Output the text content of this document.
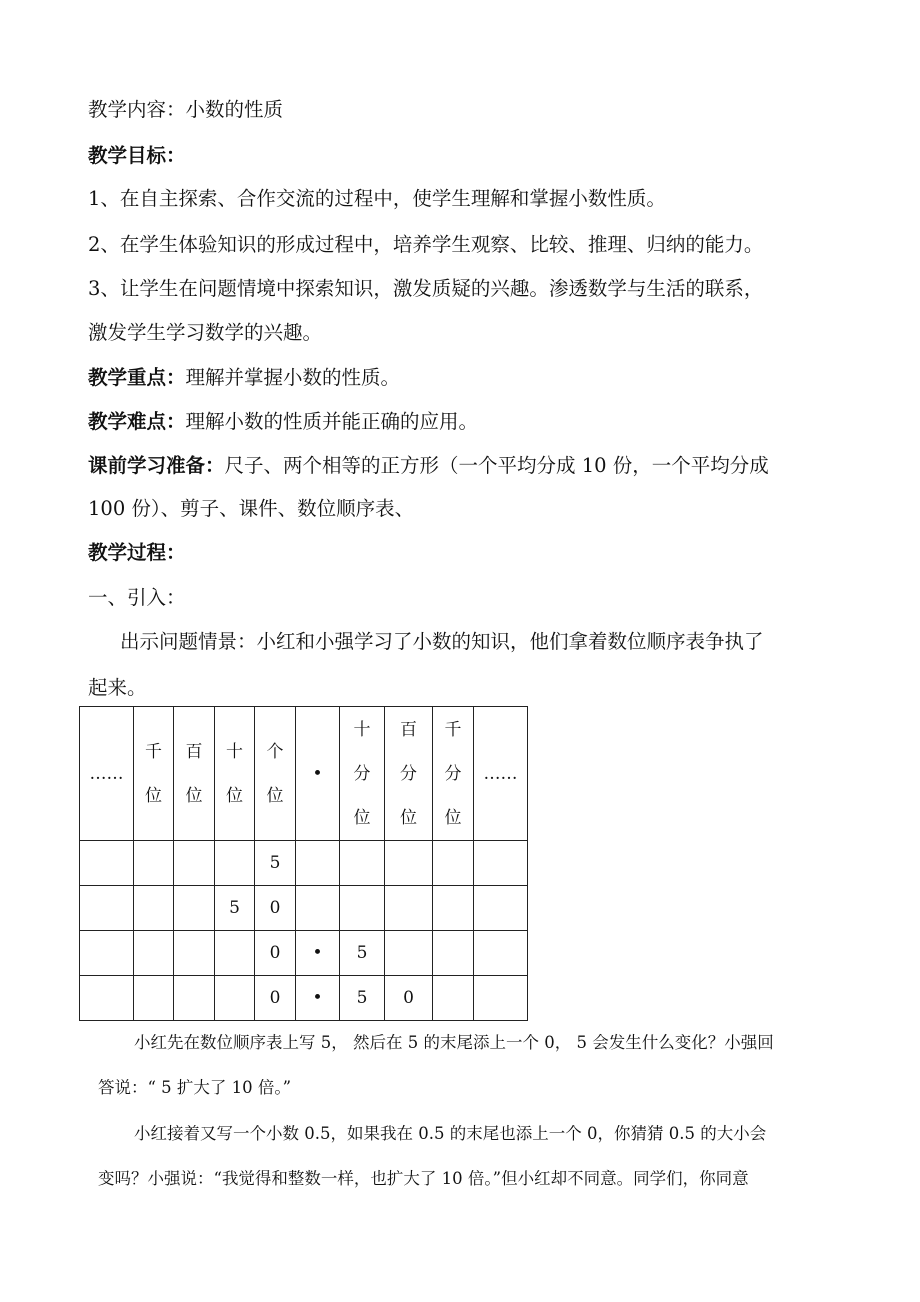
教学内容：小数的性质
教学目标：
1、在自主探索、合作交流的过程中，使学生理解和掌握小数性质。
2、在学生体验知识的形成过程中，培养学生观察、比较、推理、归纳的能力。
3、让学生在问题情境中探索知识，激发质疑的兴趣。渗透数学与生活的联系，
激发学生学习数学的兴趣。
教学重点：理解并掌握小数的性质。
教学难点：理解小数的性质并能正确的应用。
课前学习准备：尺子、两个相等的正方形（一个平均分成 10 份，一个平均分成
100 份）、剪子、课件、数位顺序表、
教学过程：
一、引入：
出示问题情景：小红和小强学习了小数的知识，他们拿着数位顺序表争执了
起来。
……	千
位	百
位	十
位	个
位	•	十
分
位	百
分
位	千
分
位	……
				5					
			5	0					
				0	•	5			
				0	•	5	0		
小红先在数位顺序表上写 5， 然后在 5 的末尾添上一个 0， 5 会发生什么变化？小强回
答说：“ 5 扩大了 10 倍。”
小红接着又写一个小数 0.5，如果我在 0.5 的末尾也添上一个 0，你猜猜 0.5 的大小会
变吗？小强说：“我觉得和整数一样，也扩大了 10 倍。”但小红却不同意。同学们，你同意
